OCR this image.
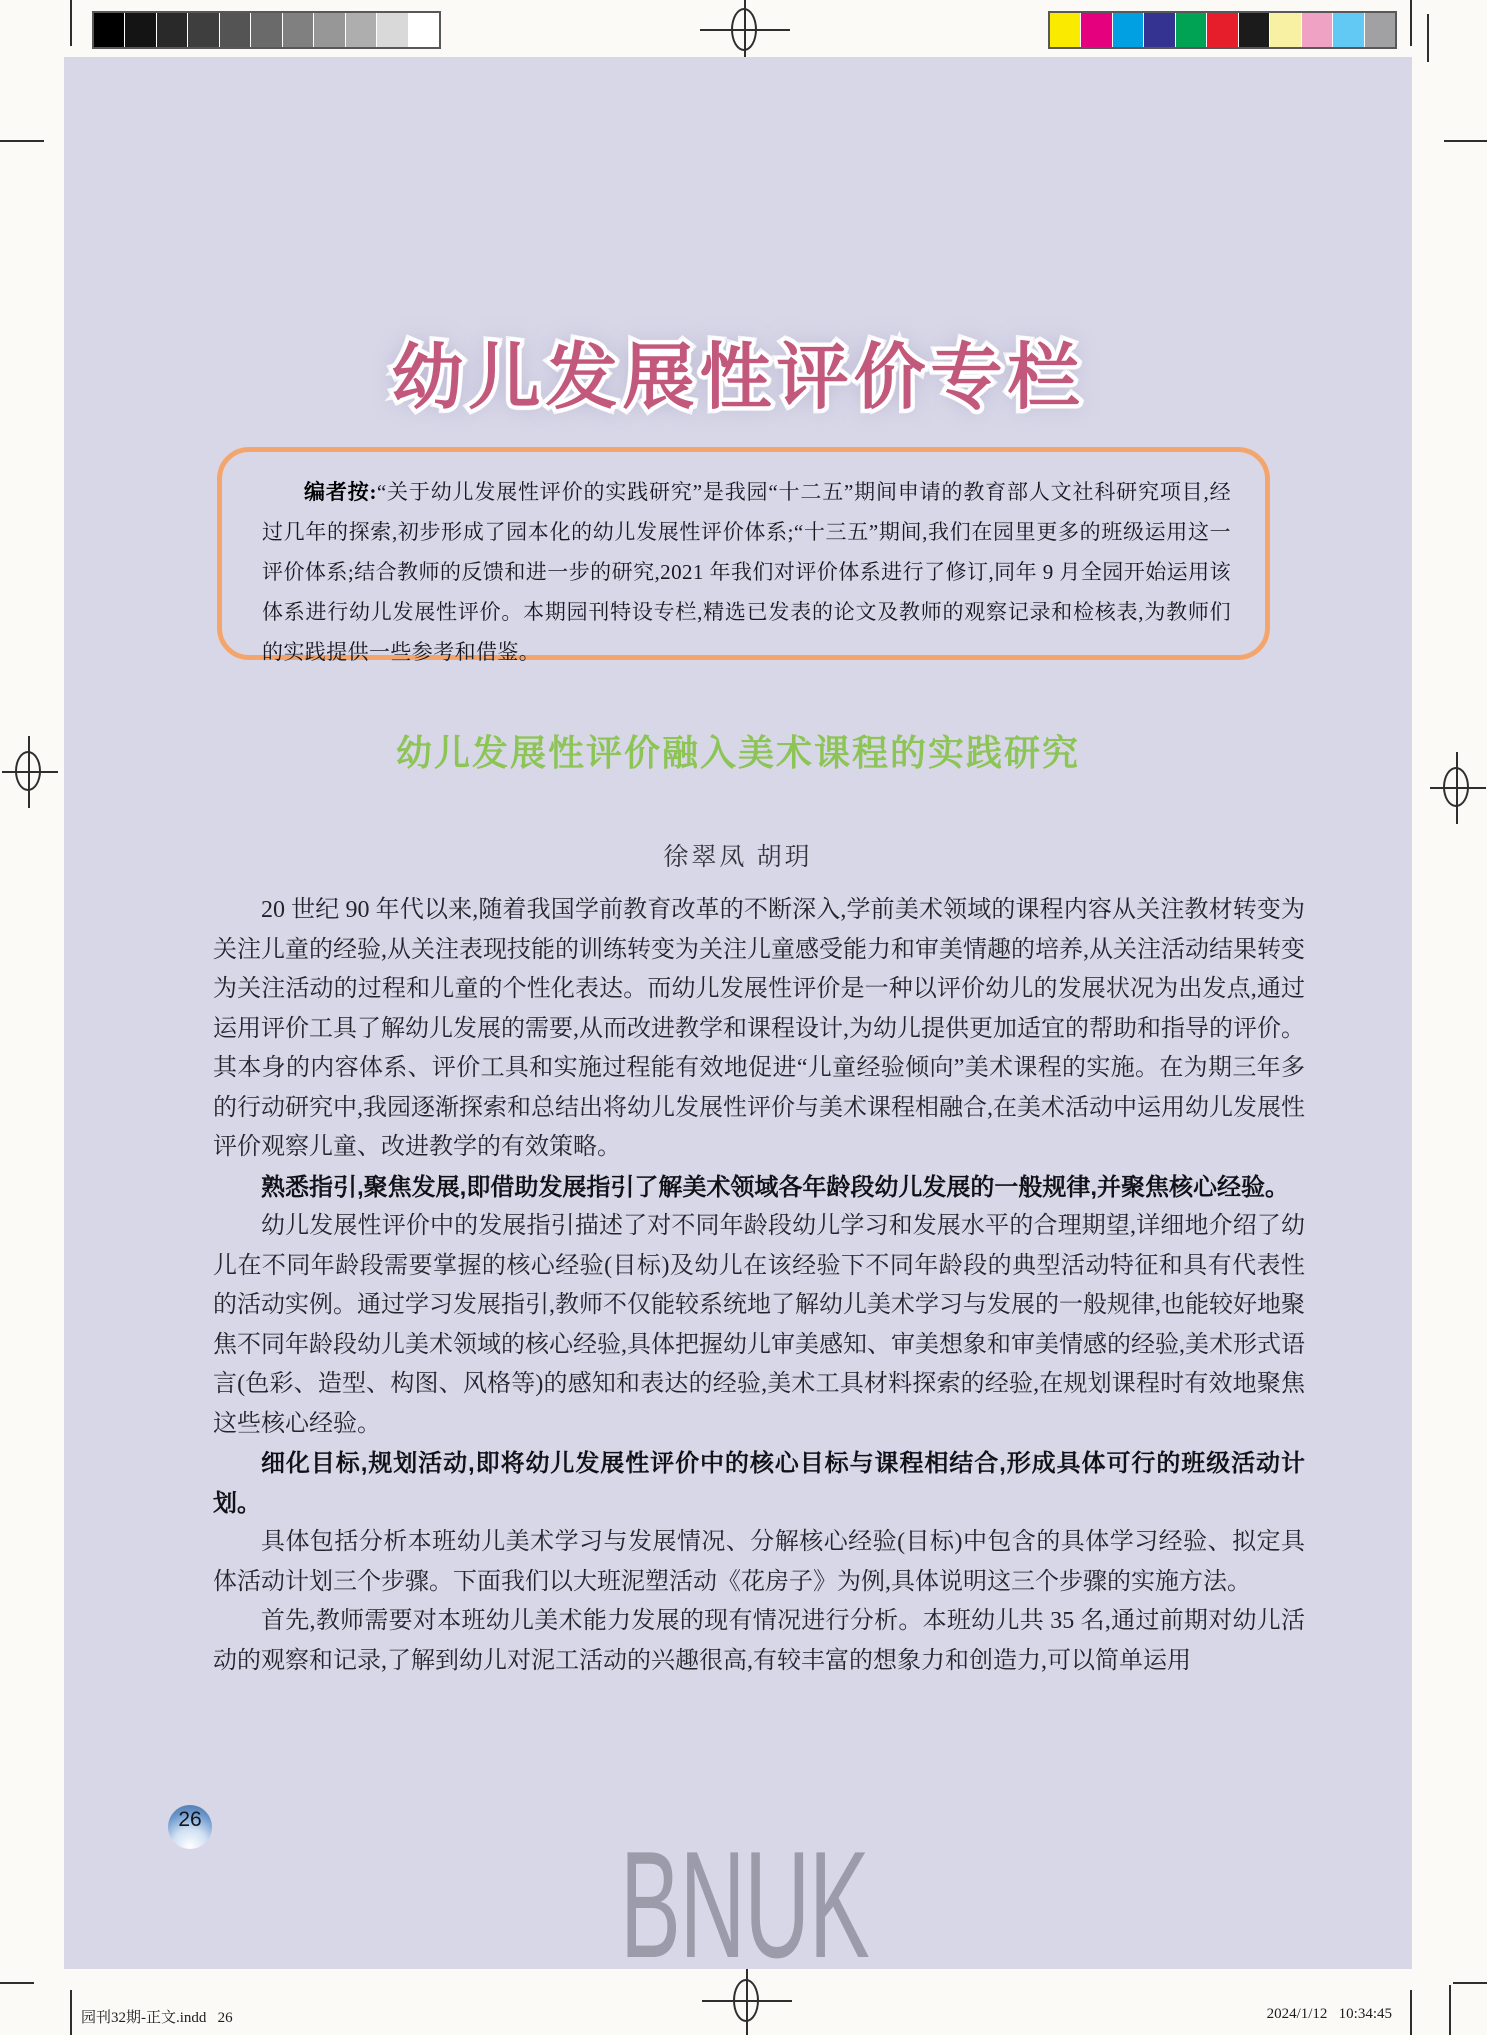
幼儿发展性评价专栏

编者按:“关于幼儿发展性评价的实践研究”是我园“十二五”期间申请的教育部人文社科研究项目,经过几年的探索,初步形成了园本化的幼儿发展性评价体系;“十三五”期间,我们在园里更多的班级运用这一评价体系;结合教师的反馈和进一步的研究,2021 年我们对评价体系进行了修订,同年 9 月全园开始运用该体系进行幼儿发展性评价。本期园刊特设专栏,精选已发表的论文及教师的观察记录和检核表,为教师们的实践提供一些参考和借鉴。

幼儿发展性评价融入美术课程的实践研究
徐翠凤 胡玥

20 世纪 90 年代以来,随着我国学前教育改革的不断深入,学前美术领域的课程内容从关注教材转变为关注儿童的经验,从关注表现技能的训练转变为关注儿童感受能力和审美情趣的培养,从关注活动结果转变为关注活动的过程和儿童的个性化表达。而幼儿发展性评价是一种以评价幼儿的发展状况为出发点,通过运用评价工具了解幼儿发展的需要,从而改进教学和课程设计,为幼儿提供更加适宜的帮助和指导的评价。其本身的内容体系、评价工具和实施过程能有效地促进“儿童经验倾向”美术课程的实施。在为期三年多的行动研究中,我园逐渐探索和总结出将幼儿发展性评价与美术课程相融合,在美术活动中运用幼儿发展性评价观察儿童、改进教学的有效策略。

熟悉指引,聚焦发展,即借助发展指引了解美术领域各年龄段幼儿发展的一般规律,并聚焦核心经验。

幼儿发展性评价中的发展指引描述了对不同年龄段幼儿学习和发展水平的合理期望,详细地介绍了幼儿在不同年龄段需要掌握的核心经验(目标)及幼儿在该经验下不同年龄段的典型活动特征和具有代表性的活动实例。通过学习发展指引,教师不仅能较系统地了解幼儿美术学习与发展的一般规律,也能较好地聚焦不同年龄段幼儿美术领域的核心经验,具体把握幼儿审美感知、审美想象和审美情感的经验,美术形式语言(色彩、造型、构图、风格等)的感知和表达的经验,美术工具材料探索的经验,在规划课程时有效地聚焦这些核心经验。

细化目标,规划活动,即将幼儿发展性评价中的核心目标与课程相结合,形成具体可行的班级活动计划。

具体包括分析本班幼儿美术学习与发展情况、分解核心经验(目标)中包含的具体学习经验、拟定具体活动计划三个步骤。下面我们以大班泥塑活动《花房子》为例,具体说明这三个步骤的实施方法。

首先,教师需要对本班幼儿美术能力发展的现有情况进行分析。本班幼儿共 35 名,通过前期对幼儿活动的观察和记录,了解到幼儿对泥工活动的兴趣很高,有较丰富的想象力和创造力,可以简单运用

26
BNUK
园刊32期-正文.indd   26	2024/1/12   10:34:45
